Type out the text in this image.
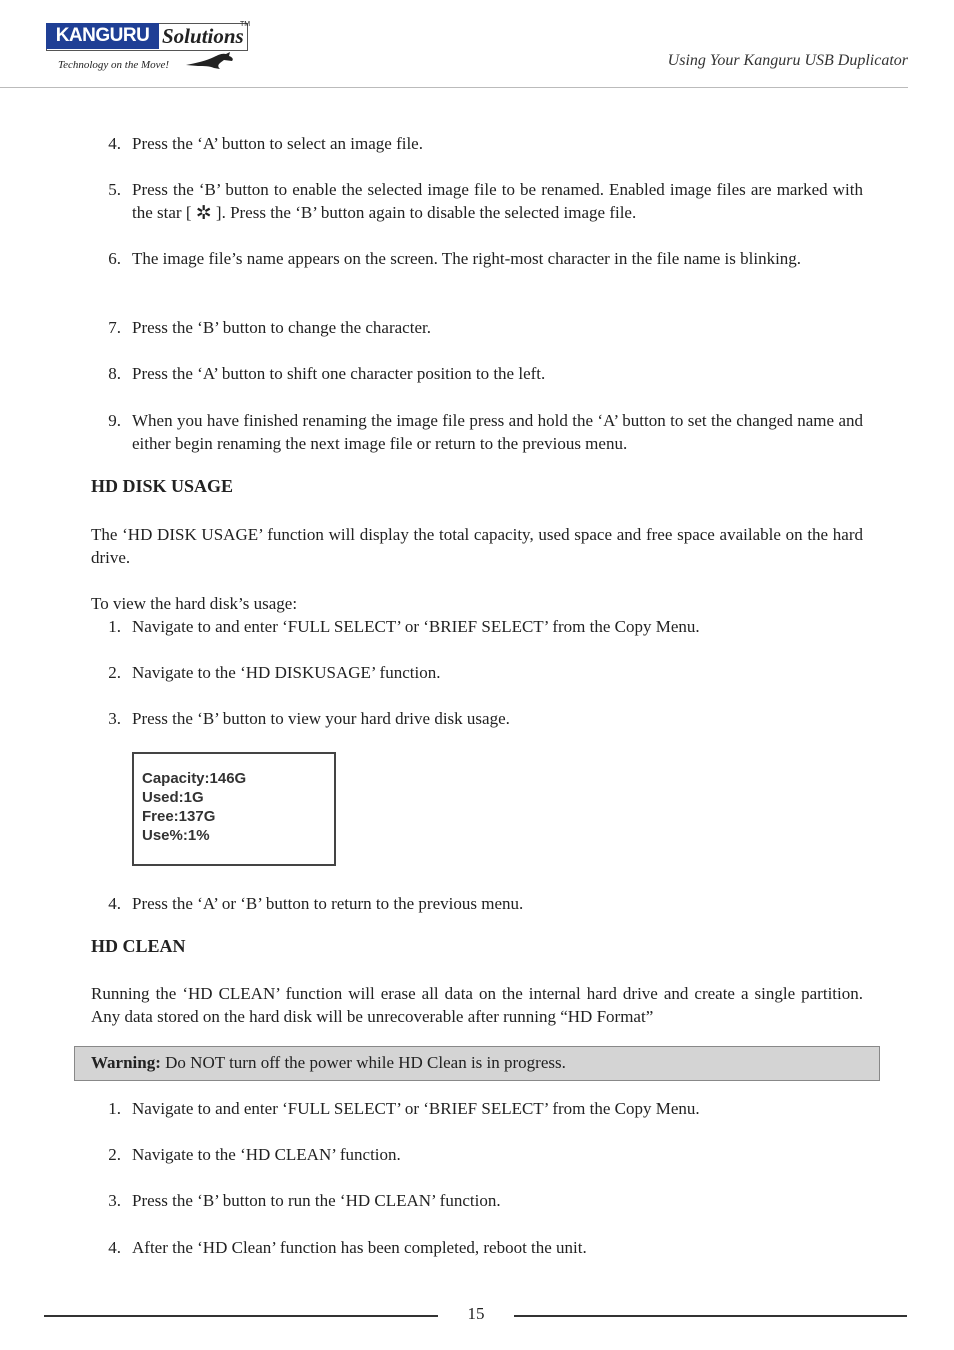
KANGURU Solutions
TM
Technology on the Move!	Using Your Kanguru USB Duplicator
4. Press the ‘A’ button to select an image file.
5. Press the ‘B’ button to enable the selected image file to be renamed. Enabled image files are marked with the star [ ✲ ]. Press the ‘B’ button again to disable the selected image file.
6. The image file’s name appears on the screen. The right-most character in the file name is blinking.
7. Press the ‘B’ button to change the character.
8. Press the ‘A’ button to shift one character position to the left.
9. When you have finished renaming the image file press and hold the ‘A’ button to set the changed name and either begin renaming the next image file or return to the previous menu.
HD DISK USAGE
The ‘HD DISK USAGE’ function will display the total capacity, used space and free space available on the hard drive.
To view the hard disk’s usage:
1. Navigate to and enter ‘FULL SELECT’ or ‘BRIEF SELECT’ from the Copy Menu.
2. Navigate to the ‘HD DISKUSAGE’ function.
3. Press the ‘B’ button to view your hard drive disk usage.
Capacity:146G
Used:1G
Free:137G
Use%:1%
4. Press the ‘A’ or ‘B’ button to return to the previous menu.
HD CLEAN
Running the ‘HD CLEAN’ function will erase all data on the internal hard drive and create a single partition. Any data stored on the hard disk will be unrecoverable after running “HD Format”
Warning: Do NOT turn off the power while HD Clean is in progress.
1. Navigate to and enter ‘FULL SELECT’ or ‘BRIEF SELECT’ from the Copy Menu.
2. Navigate to the ‘HD CLEAN’ function.
3. Press the ‘B’ button to run the ‘HD CLEAN’ function.
4. After the ‘HD Clean’ function has been completed, reboot the unit.
15
